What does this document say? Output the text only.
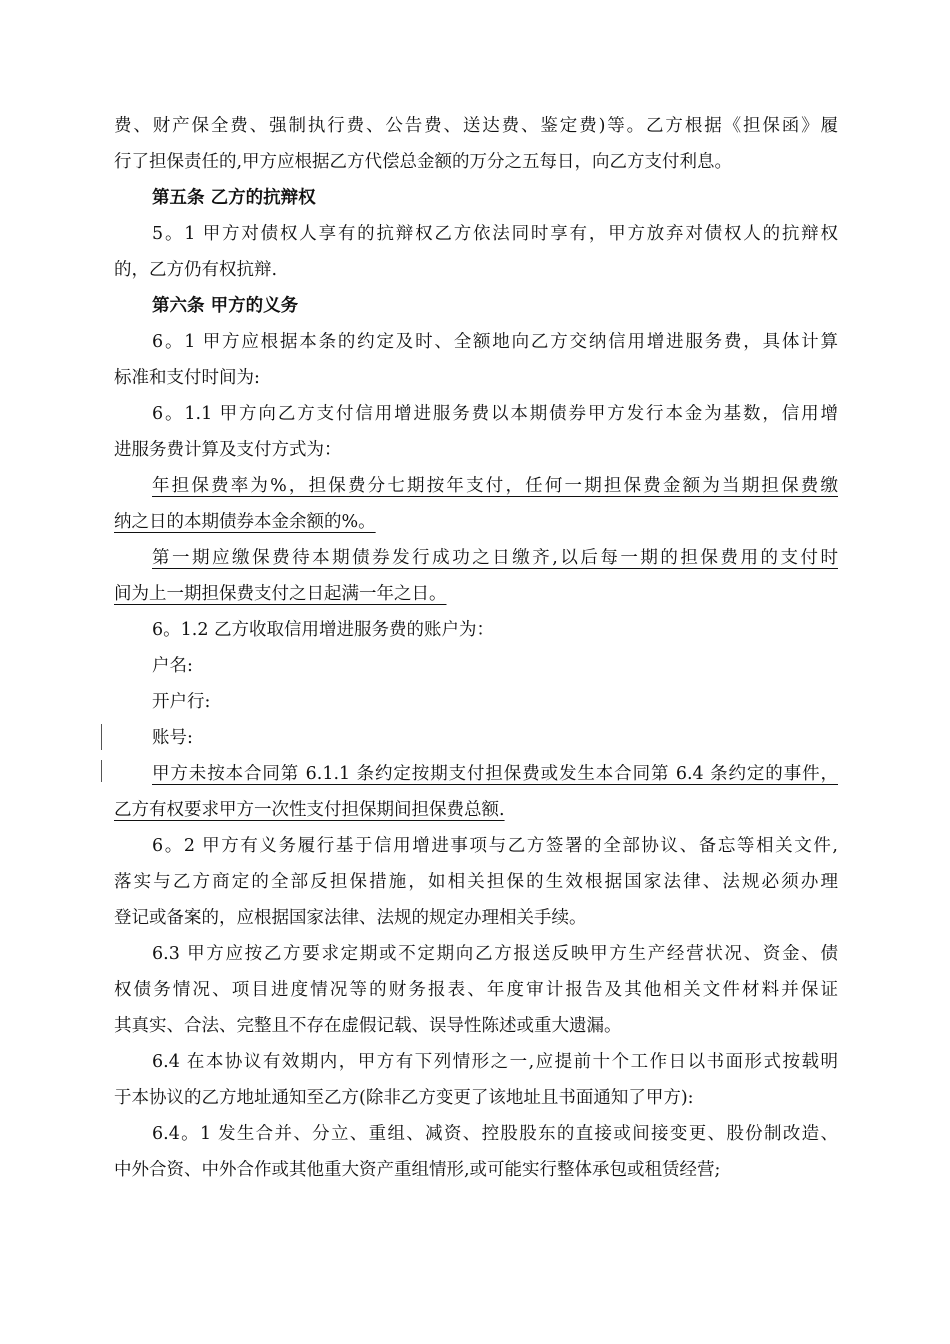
费、财产保全费、强制执行费、公告费、送达费、鉴定费)等。乙方根据《担保函》履
行了担保责任的,甲方应根据乙方代偿总金额的万分之五每日，向乙方支付利息。
第五条 乙方的抗辩权
5。1 甲方对债权人享有的抗辩权乙方依法同时享有，甲方放弃对债权人的抗辩权
的，乙方仍有权抗辩.
第六条 甲方的义务
6。1 甲方应根据本条的约定及时、全额地向乙方交纳信用增进服务费，具体计算
标准和支付时间为:
6。1.1 甲方向乙方支付信用增进服务费以本期债券甲方发行本金为基数，信用增
进服务费计算及支付方式为：
年担保费率为%，担保费分七期按年支付，任何一期担保费金额为当期担保费缴
纳之日的本期债券本金余额的%。
第一期应缴保费待本期债券发行成功之日缴齐,以后每一期的担保费用的支付时
间为上一期担保费支付之日起满一年之日。
6。1.2 乙方收取信用增进服务费的账户为：
户名:
开户行:
账号:
甲方未按本合同第 6.1.1 条约定按期支付担保费或发生本合同第 6.4 条约定的事件，
乙方有权要求甲方一次性支付担保期间担保费总额.
6。2 甲方有义务履行基于信用增进事项与乙方签署的全部协议、备忘等相关文件,
落实与乙方商定的全部反担保措施，如相关担保的生效根据国家法律、法规必须办理
登记或备案的，应根据国家法律、法规的规定办理相关手续。
6.3 甲方应按乙方要求定期或不定期向乙方报送反映甲方生产经营状况、资金、债
权债务情况、项目进度情况等的财务报表、年度审计报告及其他相关文件材料并保证
其真实、合法、完整且不存在虚假记载、误导性陈述或重大遗漏。
6.4 在本协议有效期内，甲方有下列情形之一,应提前十个工作日以书面形式按载明
于本协议的乙方地址通知至乙方(除非乙方变更了该地址且书面通知了甲方):
6.4。1 发生合并、分立、重组、减资、控股股东的直接或间接变更、股份制改造、
中外合资、中外合作或其他重大资产重组情形,或可能实行整体承包或租赁经营;
